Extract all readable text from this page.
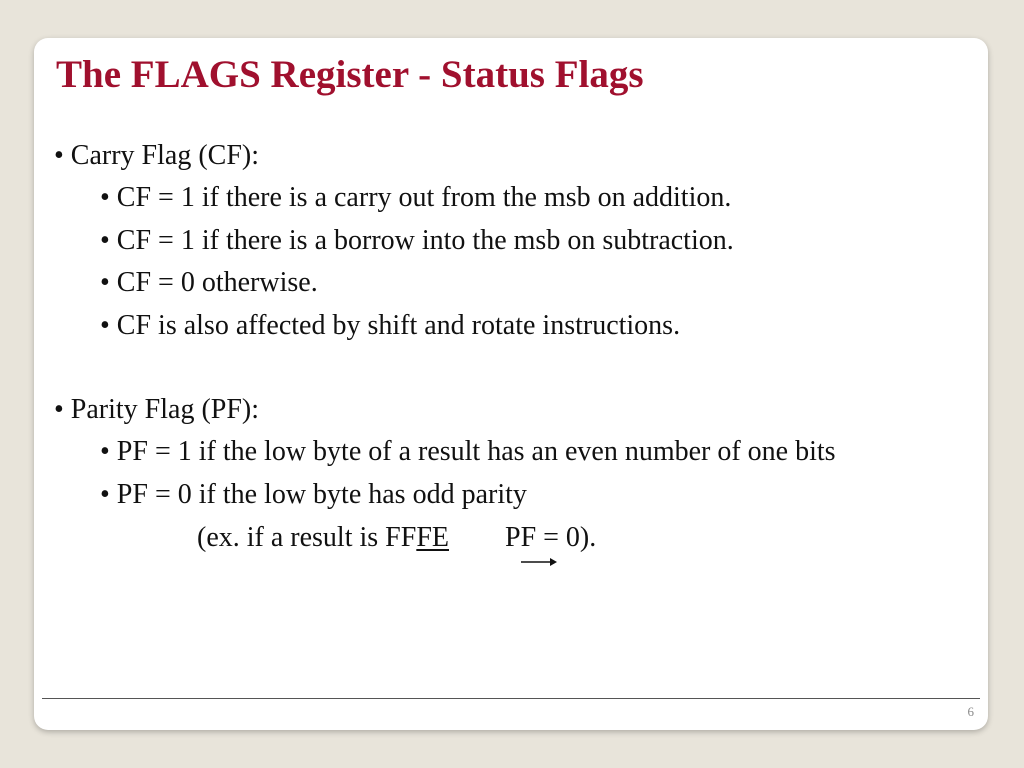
The FLAGS Register - Status Flags
• Carry Flag (CF):
• CF = 1 if there is a carry out from the msb on addition.
• CF = 1 if there is a borrow into the msb on subtraction.
• CF = 0 otherwise.
• CF is also affected by shift and rotate instructions.
• Parity Flag (PF):
• PF = 1 if the low byte of a result has an even number of one bits
• PF = 0 if the low byte has odd parity
(ex. if a result is FFFE PF = 0).
6
